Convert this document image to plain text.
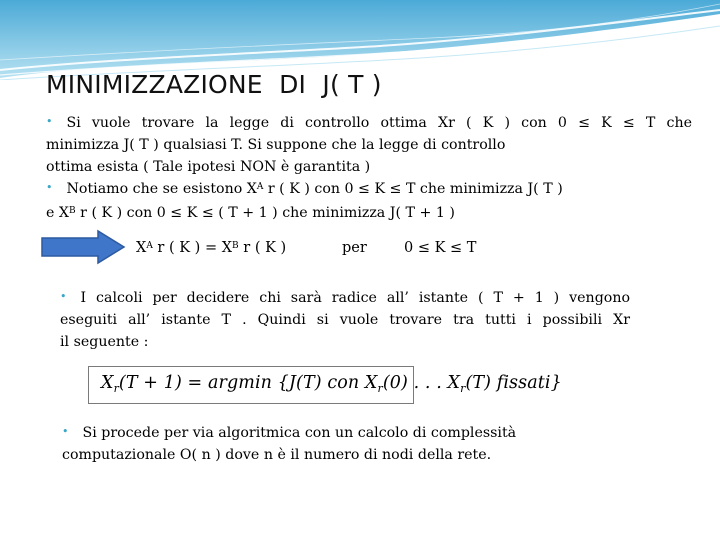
MINIMIZZAZIONE  DI  J( T )
• Si vuole trovare la legge di controllo ottima Xr ( K ) con 0 ≤ K ≤ T che
minimizza J( T ) qualsiasi T. Si suppone che la legge di controllo
ottima esista ( Tale ipotesi NON è garantita )
• Notiamo che se esistono $X^A$ r ( K ) con 0 ≤ K ≤ T che minimizza J( T )
e $X^B$ r ( K ) con 0 ≤ K ≤ ( T + 1 ) che minimizza J( T + 1 )
$X^A$ r ( K ) = $X^B$ r ( K )	per	0 ≤ K ≤ T
• I calcoli per decidere chi sarà radice all’ istante ( T + 1 ) vengono
eseguiti all’ istante T . Quindi si vuole trovare tra tutti i possibili Xr
il seguente :
$X_r(T + 1) = argmin$ {J(T) con $X_r(0)$ . . . $X_r(T)$ fissati}
• Si procede per via algoritmica con un calcolo di complessità
computazionale O( n ) dove n è il numero di nodi della rete.
